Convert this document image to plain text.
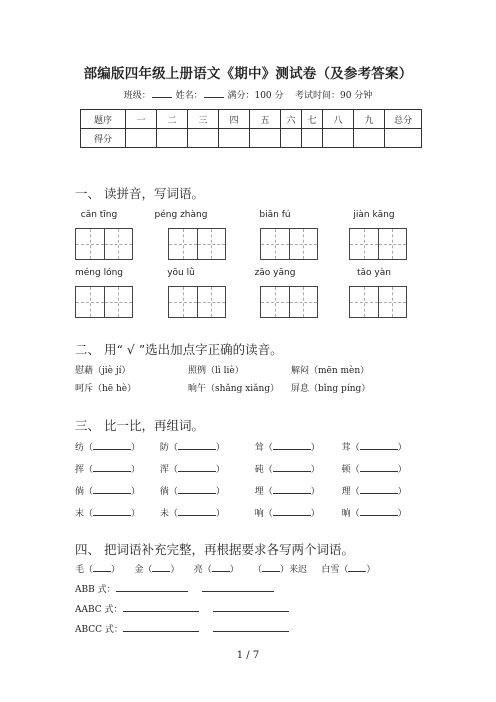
部编版四年级上册语文《期中》测试卷（及参考答案）
班级：	姓名：	满分：100 分 考试时间：90 分钟
题序	一	二	三	四	五	六	七	八	九	总分
得分										
一、 读拼音，写词语。
cān tīng	péng zhàng	biān fú	jiàn kāng
méng lóng	yōu lǜ	zāo yāng	tǎo yàn
二、 用“ √ ”选出加点字正确的读音。
慰藉（jiè jí）	照例（lì liè）	解闷（mēn mèn）
呵斥（hē hè）	晌午（shǎng xiǎng） 屏息（bǐng píng）
三、 比一比，再组词。
纺（	） 防（	）	耸（	） 茸（	）
挥（	） 浑（	）	砘（	） 顿（	）
倘（	） 徜（	）	埋（	） 理（	）
末（	） 未（	）	响（	） 晌（	）
四、 把词语补充完整，再根据要求各写两个词语。
毛（ ） 金（ ） 亮（ ） （ ）来迟 白雪（ ）
ABB 式：
AABC 式：
ABCC 式：
1 / 7
